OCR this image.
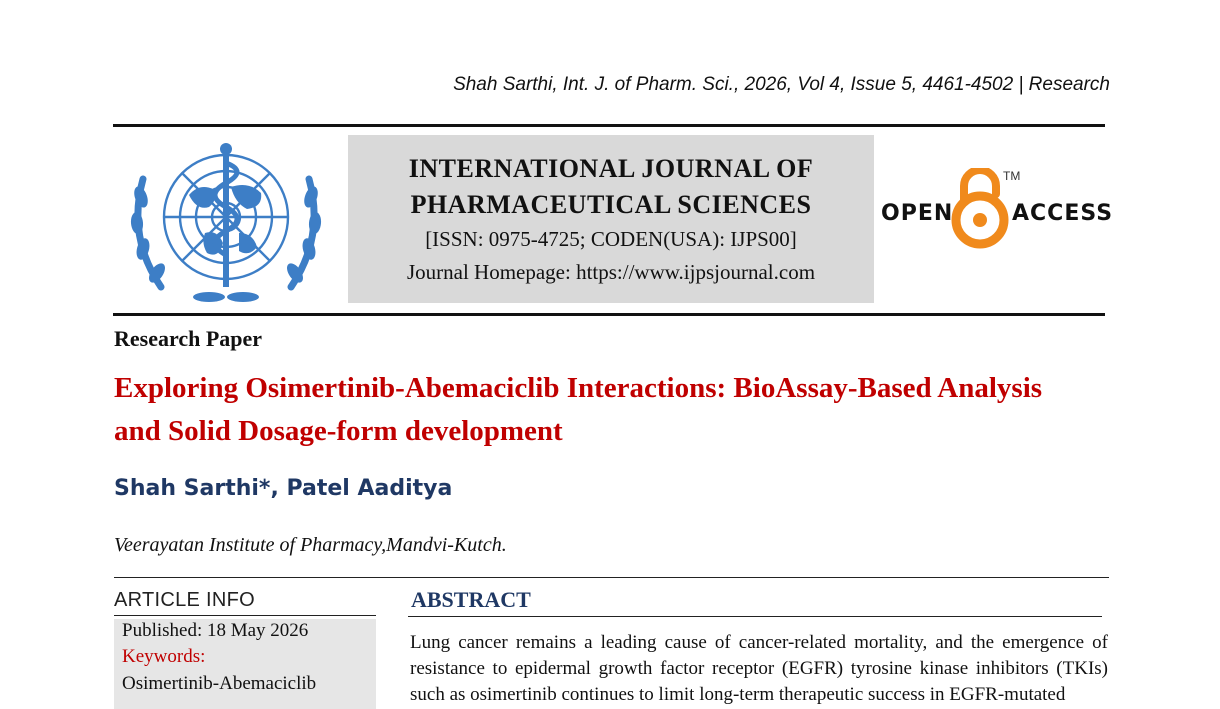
Shah Sarthi, Int. J. of Pharm. Sci., 2026, Vol 4, Issue 5, 4461-4502 | Research
INTERNATIONAL JOURNAL OF
PHARMACEUTICAL SCIENCES
[ISSN: 0975-4725; CODEN(USA): IJPS00]
Journal Homepage: https://www.ijpsjournal.com
OPEN	ACCESS
TM
Research Paper
Exploring Osimertinib-Abemaciclib Interactions: BioAssay-Based Analysis and Solid Dosage-form development
Shah Sarthi*, Patel Aaditya
Veerayatan Institute of Pharmacy,Mandvi-Kutch.
ARTICLE INFO
Published: 18 May 2026
Keywords:
Osimertinib-Abemaciclib
ABSTRACT
Lung cancer remains a leading cause of cancer-related mortality, and the emergence of resistance to epidermal growth factor receptor (EGFR) tyrosine kinase inhibitors (TKIs) such as osimertinib continues to limit long-term therapeutic success in EGFR-mutated
